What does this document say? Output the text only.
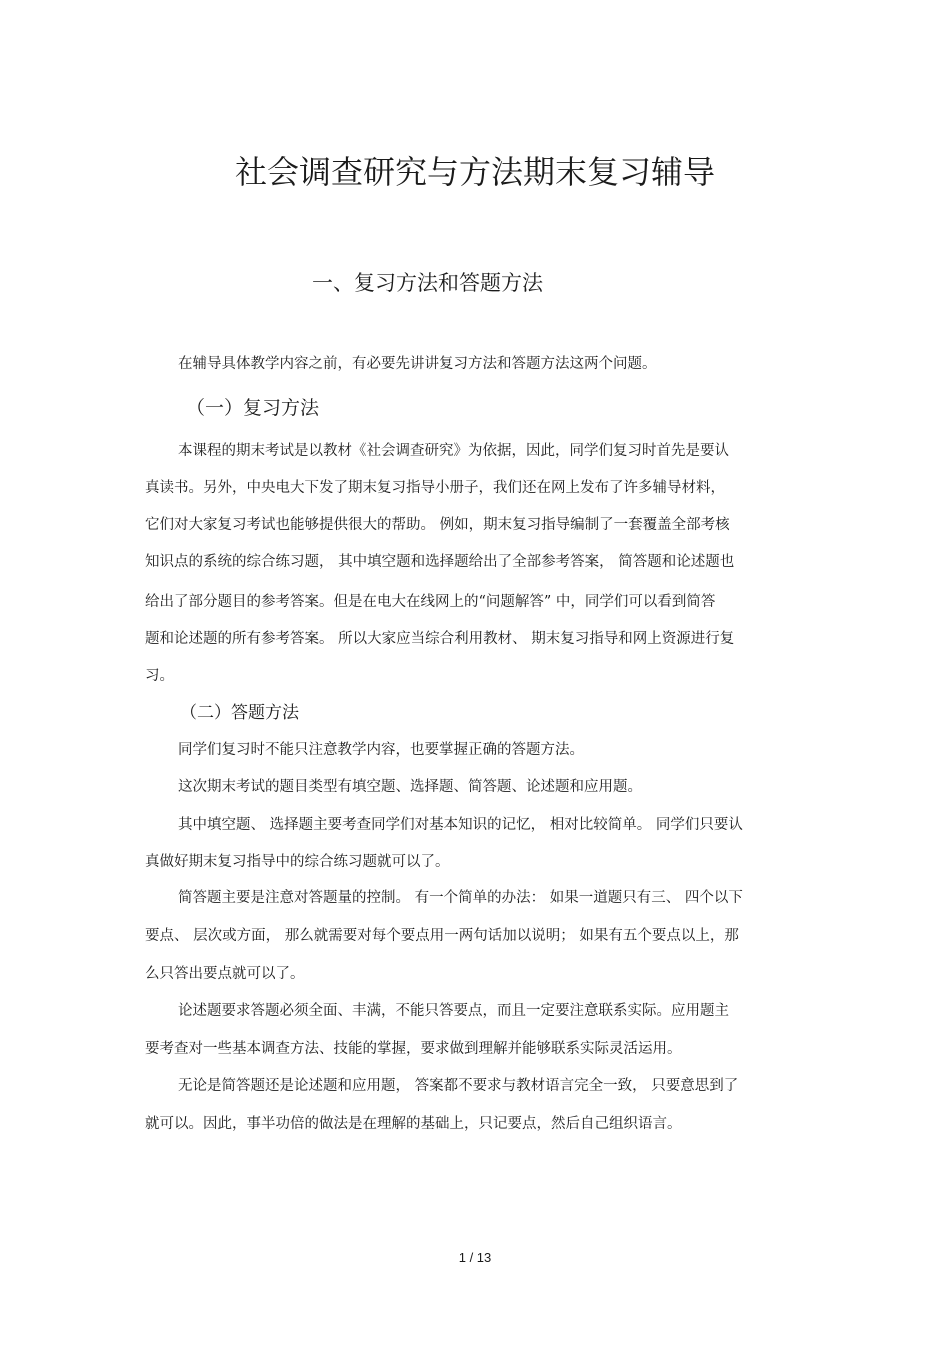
社会调查研究与方法期末复习辅导
一、复习方法和答题方法
在辅导具体教学内容之前，有必要先讲讲复习方法和答题方法这两个问题。
（一）复习方法
本课程的期末考试是以教材《社会调查研究》为依据，因此，同学们复习时首先是要认
真读书。另外，中央电大下发了期末复习指导小册子，我们还在网上发布了许多辅导材料，
它们对大家复习考试也能够提供很大的帮助。 例如，期末复习指导编制了一套覆盖全部考核
知识点的系统的综合练习题， 其中填空题和选择题给出了全部参考答案， 简答题和论述题也
给出了部分题目的参考答案。但是在电大在线网上的“问题解答” 中，同学们可以看到简答
题和论述题的所有参考答案。 所以大家应当综合利用教材、 期末复习指导和网上资源进行复
习。
（二）答题方法
同学们复习时不能只注意教学内容，也要掌握正确的答题方法。
这次期末考试的题目类型有填空题、选择题、简答题、论述题和应用题。
其中填空题、 选择题主要考查同学们对基本知识的记忆， 相对比较简单。 同学们只要认
真做好期末复习指导中的综合练习题就可以了。
简答题主要是注意对答题量的控制。 有一个简单的办法： 如果一道题只有三、 四个以下
要点、 层次或方面， 那么就需要对每个要点用一两句话加以说明； 如果有五个要点以上，那
么只答出要点就可以了。
论述题要求答题必须全面、丰满，不能只答要点，而且一定要注意联系实际。应用题主
要考查对一些基本调查方法、技能的掌握，要求做到理解并能够联系实际灵活运用。
无论是简答题还是论述题和应用题， 答案都不要求与教材语言完全一致， 只要意思到了
就可以。因此，事半功倍的做法是在理解的基础上，只记要点，然后自己组织语言。
1 / 13
